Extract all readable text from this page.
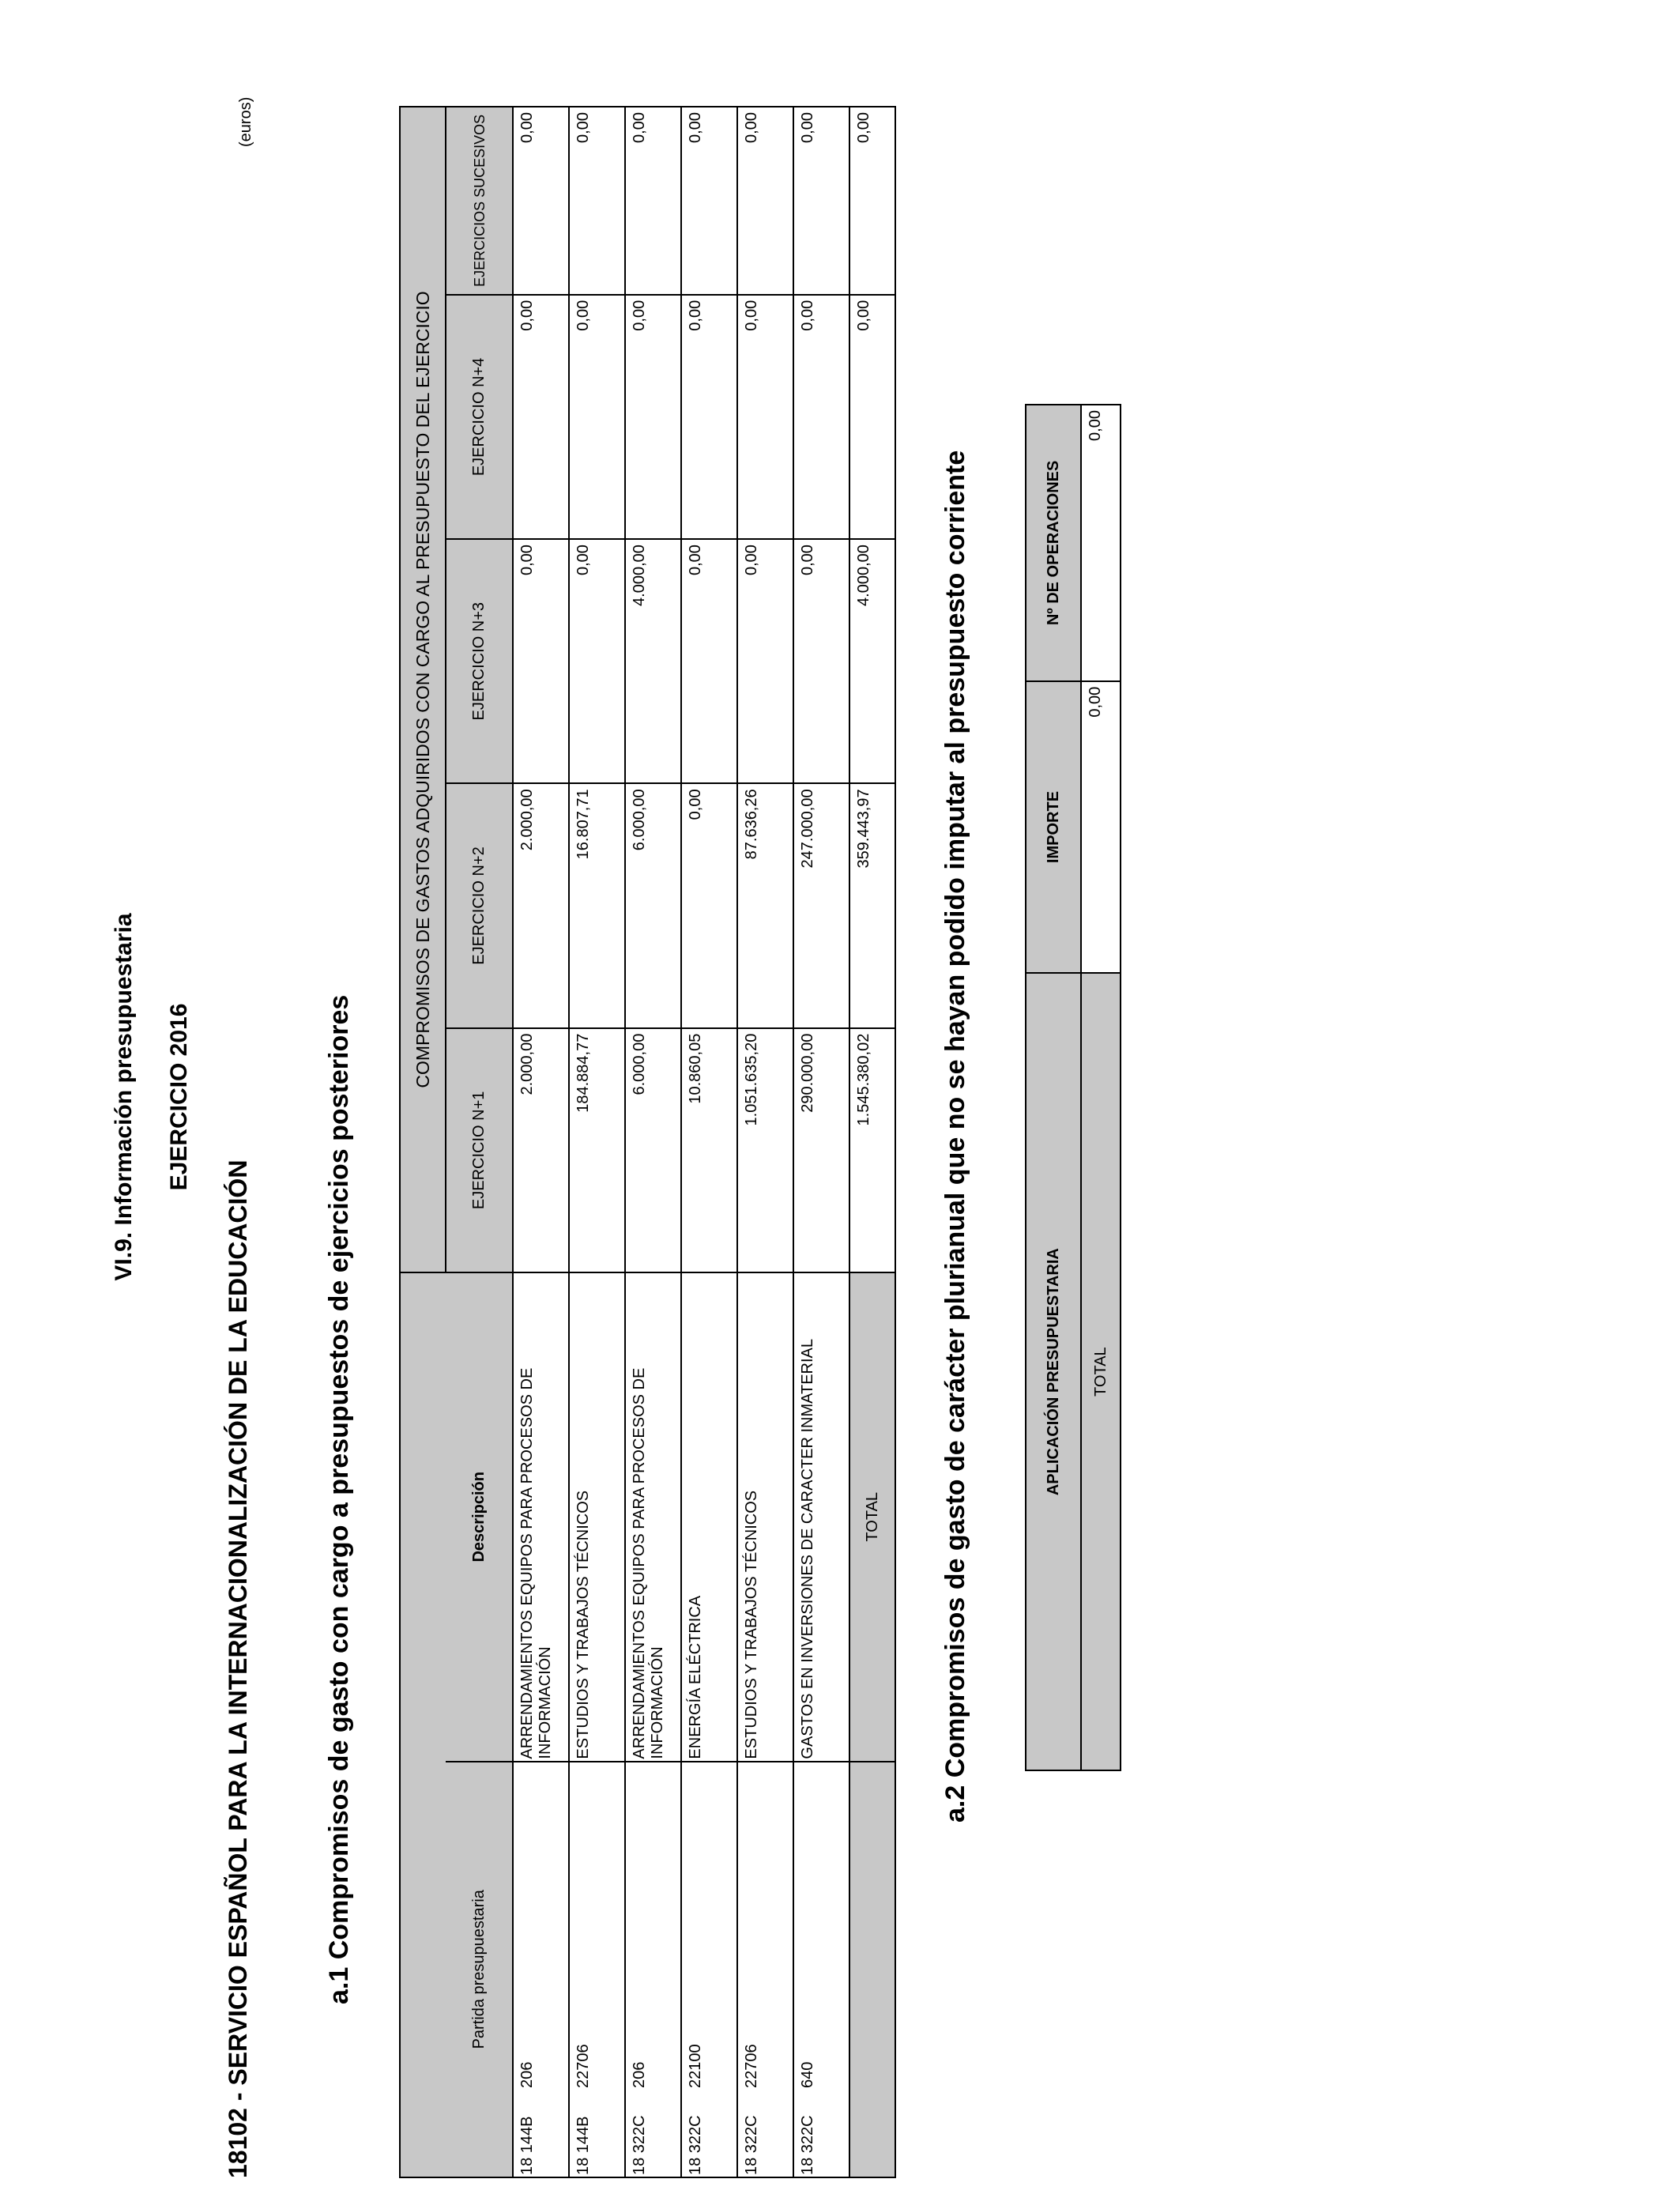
VI.9. Información presupuestaria EJERCICIO 2016
18102 - SERVICIO ESPAÑOL PARA LA INTERNACIONALIZACIÓN DE LA EDUCACIÓN
(euros)
a.1 Compromisos de gasto con cargo a presupuestos de ejercicios posteriores
		COMPROMISOS DE GASTOS ADQUIRIDOS CON CARGO AL PRESUPUESTO DEL EJERCICIO				
Partida presupuestaria	Descripción	EJERCICIO N+1	EJERCICIO N+2	EJERCICIO N+3	EJERCICIO N+4	EJERCICIOS SUCESIVOS
18 144B206	ARRENDAMIENTOS EQUIPOS PARA PROCESOS DE INFORMACIÓN	2.000,00	2.000,00	0,00	0,00	0,00
18 144B22706	ESTUDIOS Y TRABAJOS TÉCNICOS	184.884,77	16.807,71	0,00	0,00	0,00
18 322C206	ARRENDAMIENTOS EQUIPOS PARA PROCESOS DE INFORMACIÓN	6.000,00	6.000,00	4.000,00	0,00	0,00
18 322C22100	ENERGÍA ELÉCTRICA	10.860,05	0,00	0,00	0,00	0,00
18 322C22706	ESTUDIOS Y TRABAJOS TÉCNICOS	1.051.635,20	87.636,26	0,00	0,00	0,00
18 322C640	GASTOS EN INVERSIONES DE CARACTER INMATERIAL	290.000,00	247.000,00	0,00	0,00	0,00
	TOTAL	1.545.380,02	359.443,97	4.000,00	0,00	0,00
a.2 Compromisos de gasto de carácter plurianual que no se hayan podido imputar al presupuesto corriente	APLICACIÓN PRESUPUESTARIA	IMPORTE	Nº DE OPERACIONES
TOTAL	0,00	0,00
